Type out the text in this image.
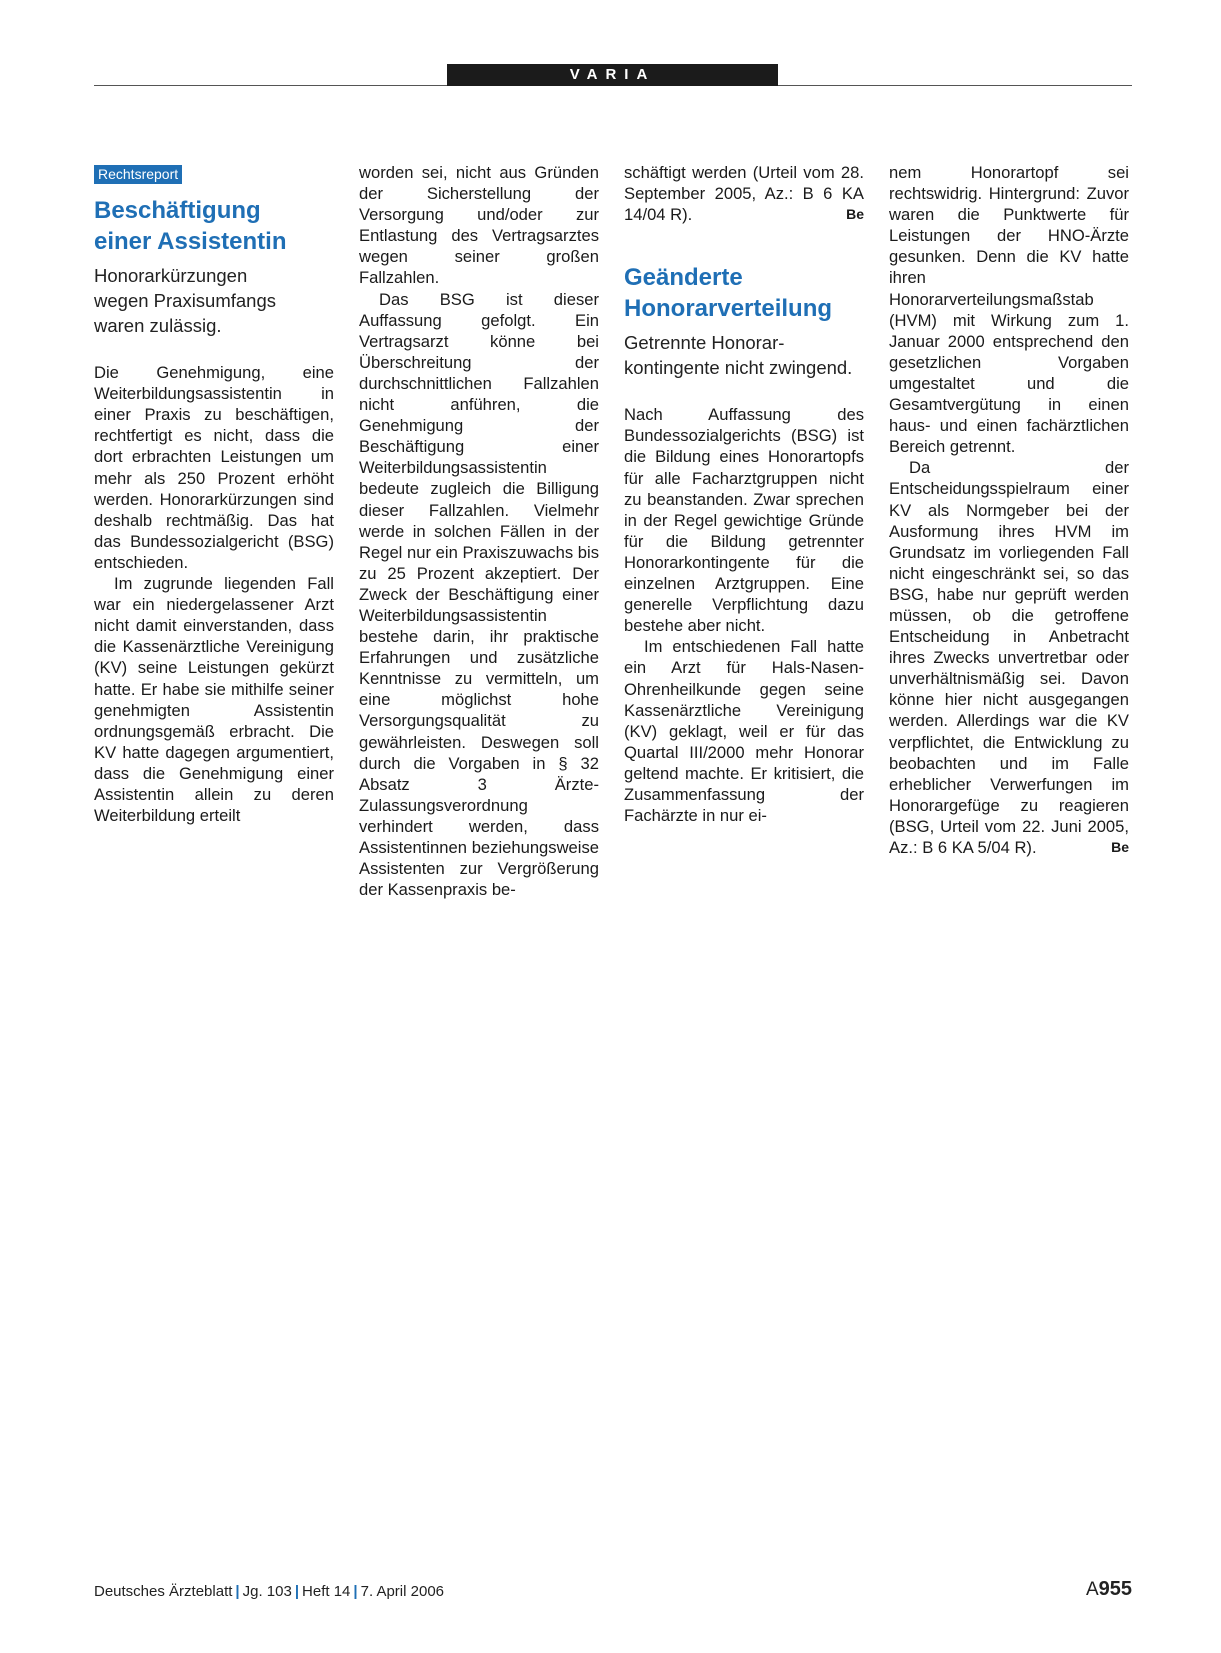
VARIA
Rechtsreport
Beschäftigung
einer Assistentin
Honorarkürzungen
wegen Praxisumfangs
waren zulässig.

Die Genehmigung, eine Weiterbildungsassistentin in einer Praxis zu beschäftigen, rechtfertigt es nicht, dass die dort erbrachten Leistungen um mehr als 250 Prozent erhöht werden. Honorarkürzungen sind deshalb rechtmäßig. Das hat das Bundessozialgericht (BSG) entschieden.

Im zugrunde liegenden Fall war ein niedergelassener Arzt nicht damit einverstanden, dass die Kassenärztliche Vereinigung (KV) seine Leistungen gekürzt hatte. Er habe sie mithilfe seiner genehmigten Assistentin ordnungsgemäß erbracht. Die KV hatte dagegen argumentiert, dass die Genehmigung einer Assistentin allein zu deren Weiterbildung erteilt

worden sei, nicht aus Gründen der Sicherstellung der Versorgung und/oder zur Entlastung des Vertragsarztes wegen seiner großen Fallzahlen.

Das BSG ist dieser Auffassung gefolgt. Ein Vertragsarzt könne bei Überschreitung der durchschnittlichen Fallzahlen nicht anführen, die Genehmigung der Beschäftigung einer Weiterbildungsassistentin bedeute zugleich die Billigung dieser Fallzahlen. Vielmehr werde in solchen Fällen in der Regel nur ein Praxiszuwachs bis zu 25 Prozent akzeptiert. Der Zweck der Beschäftigung einer Weiterbildungsassistentin bestehe darin, ihr praktische Erfahrungen und zusätzliche Kenntnisse zu vermitteln, um eine möglichst hohe Versorgungsqualität zu gewährleisten. Deswegen soll durch die Vorgaben in § 32 Absatz 3 Ärzte-Zulassungsverordnung verhindert werden, dass Assistentinnen beziehungsweise Assistenten zur Vergrößerung der Kassenpraxis be-

schäftigt werden (Urteil vom 28. September 2005, Az.: B 6 KA 14/04 R).	Be

Geänderte
Honorarverteilung
Getrennte Honorar-
kontingente nicht zwingend.

Nach Auffassung des Bundessozialgerichts (BSG) ist die Bildung eines Honorartopfs für alle Facharztgruppen nicht zu beanstanden. Zwar sprechen in der Regel gewichtige Gründe für die Bildung getrennter Honorarkontingente für die einzelnen Arztgruppen. Eine generelle Verpflichtung dazu bestehe aber nicht.

Im entschiedenen Fall hatte ein Arzt für Hals-Nasen-Ohrenheilkunde gegen seine Kassenärztliche Vereinigung (KV) geklagt, weil er für das Quartal III/2000 mehr Honorar geltend machte. Er kritisiert, die Zusammenfassung der Fachärzte in nur ei-

nem Honorartopf sei rechtswidrig. Hintergrund: Zuvor waren die Punktwerte für Leistungen der HNO-Ärzte gesunken. Denn die KV hatte ihren Honorarverteilungsmaßstab (HVM) mit Wirkung zum 1. Januar 2000 entsprechend den gesetzlichen Vorgaben umgestaltet und die Gesamtvergütung in einen haus- und einen fachärztlichen Bereich getrennt.

Da der Entscheidungsspielraum einer KV als Normgeber bei der Ausformung ihres HVM im Grundsatz im vorliegenden Fall nicht eingeschränkt sei, so das BSG, habe nur geprüft werden müssen, ob die getroffene Entscheidung in Anbetracht ihres Zwecks unvertretbar oder unverhältnismäßig sei. Davon könne hier nicht ausgegangen werden. Allerdings war die KV verpflichtet, die Entwicklung zu beobachten und im Falle erheblicher Verwerfungen im Honorargefüge zu reagieren (BSG, Urteil vom 22. Juni 2005, Az.: B 6 KA 5/04 R).	Be

Deutsches Ärzteblatt | Jg. 103 | Heft 14 | 7. April 2006	A955
